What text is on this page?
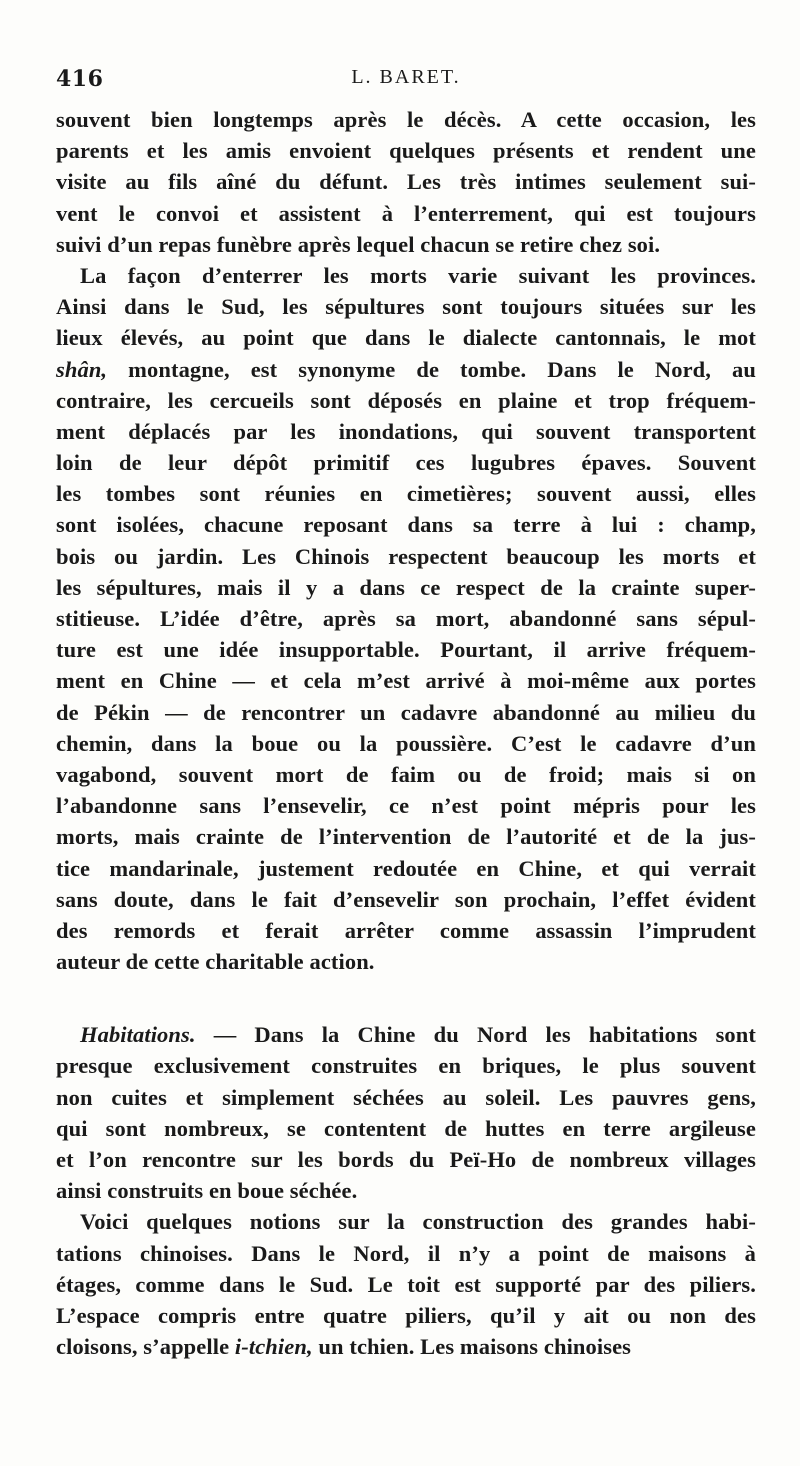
416	L. BARET.
souvent bien longtemps après le décès. A cette occasion, les
parents et les amis envoient quelques présents et rendent une
visite au fils aîné du défunt. Les très intimes seulement sui-
vent le convoi et assistent à l’enterrement, qui est toujours
suivi d’un repas funèbre après lequel chacun se retire chez soi.
La façon d’enterrer les morts varie suivant les provinces.
Ainsi dans le Sud, les sépultures sont toujours situées sur les
lieux élevés, au point que dans le dialecte cantonnais, le mot
shân, montagne, est synonyme de tombe. Dans le Nord, au
contraire, les cercueils sont déposés en plaine et trop fréquem-
ment déplacés par les inondations, qui souvent transportent
loin de leur dépôt primitif ces lugubres épaves. Souvent
les tombes sont réunies en cimetières; souvent aussi, elles
sont isolées, chacune reposant dans sa terre à lui : champ,
bois ou jardin. Les Chinois respectent beaucoup les morts et
les sépultures, mais il y a dans ce respect de la crainte super-
stitieuse. L’idée d’être, après sa mort, abandonné sans sépul-
ture est une idée insupportable. Pourtant, il arrive fréquem-
ment en Chine — et cela m’est arrivé à moi-même aux portes
de Pékin — de rencontrer un cadavre abandonné au milieu du
chemin, dans la boue ou la poussière. C’est le cadavre d’un
vagabond, souvent mort de faim ou de froid; mais si on
l’abandonne sans l’ensevelir, ce n’est point mépris pour les
morts, mais crainte de l’intervention de l’autorité et de la jus-
tice mandarinale, justement redoutée en Chine, et qui verrait
sans doute, dans le fait d’ensevelir son prochain, l’effet évident
des remords et ferait arrêter comme assassin l’imprudent
auteur de cette charitable action.
Habitations. — Dans la Chine du Nord les habitations sont
presque exclusivement construites en briques, le plus souvent
non cuites et simplement séchées au soleil. Les pauvres gens,
qui sont nombreux, se contentent de huttes en terre argileuse
et l’on rencontre sur les bords du Peï-Ho de nombreux villages
ainsi construits en boue séchée.
Voici quelques notions sur la construction des grandes habi-
tations chinoises. Dans le Nord, il n’y a point de maisons à
étages, comme dans le Sud. Le toit est supporté par des piliers.
L’espace compris entre quatre piliers, qu’il y ait ou non des
cloisons, s’appelle i-tchien, un tchien. Les maisons chinoises
